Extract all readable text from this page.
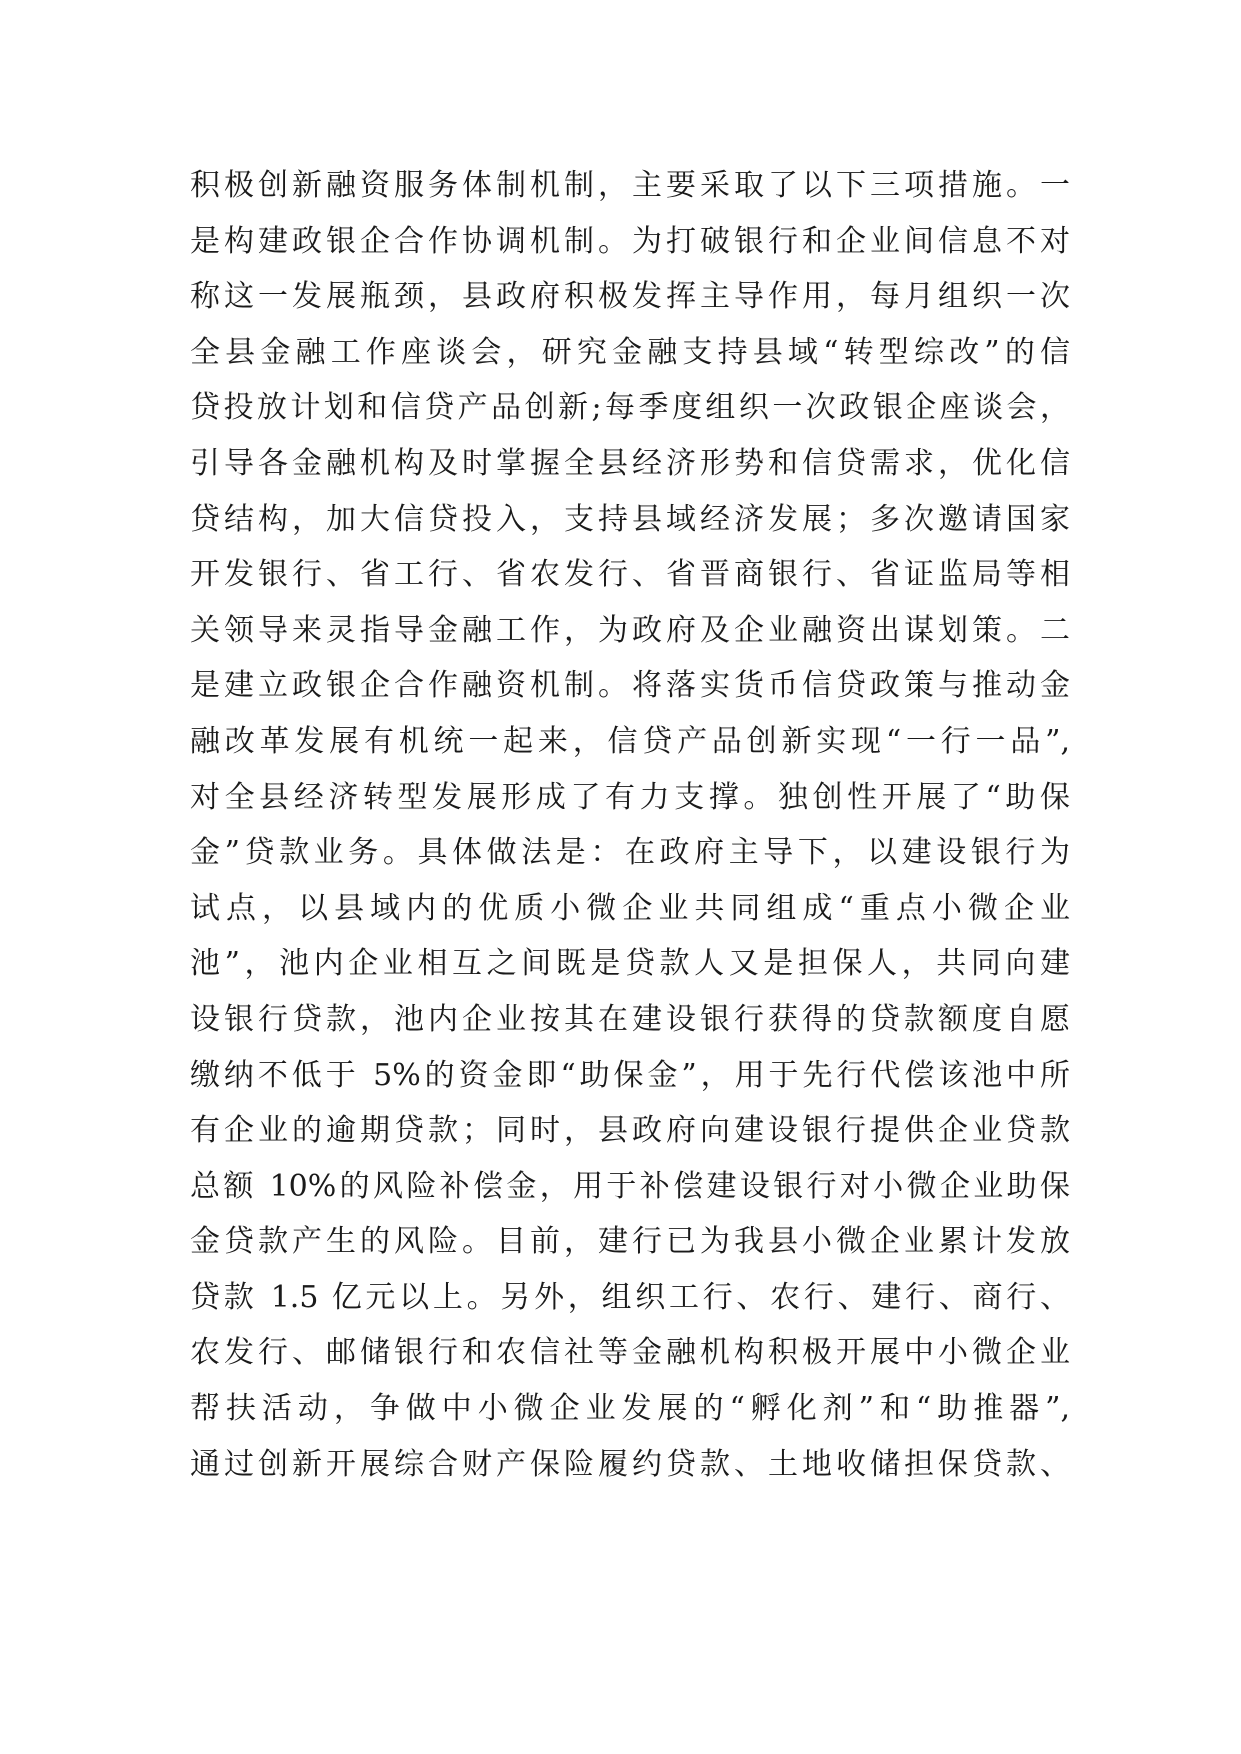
积极创新融资服务体制机制，主要采取了以下三项措施。一
是构建政银企合作协调机制。为打破银行和企业间信息不对
称这一发展瓶颈，县政府积极发挥主导作用，每月组织一次
全县金融工作座谈会，研究金融支持县域“转型综改”的信
贷投放计划和信贷产品创新;每季度组织一次政银企座谈会，
引导各金融机构及时掌握全县经济形势和信贷需求，优化信
贷结构，加大信贷投入，支持县域经济发展；多次邀请国家
开发银行、省工行、省农发行、省晋商银行、省证监局等相
关领导来灵指导金融工作，为政府及企业融资出谋划策。二
是建立政银企合作融资机制。将落实货币信贷政策与推动金
融改革发展有机统一起来，信贷产品创新实现“一行一品”,
对全县经济转型发展形成了有力支撑。独创性开展了“助保
金”贷款业务。具体做法是：在政府主导下，以建设银行为
试点，以县域内的优质小微企业共同组成“重点小微企业
池”，池内企业相互之间既是贷款人又是担保人，共同向建
设银行贷款，池内企业按其在建设银行获得的贷款额度自愿
缴纳不低于 5%的资金即“助保金”，用于先行代偿该池中所
有企业的逾期贷款；同时，县政府向建设银行提供企业贷款
总额 10%的风险补偿金，用于补偿建设银行对小微企业助保
金贷款产生的风险。目前，建行已为我县小微企业累计发放
贷款 1.5 亿元以上。另外，组织工行、农行、建行、商行、
农发行、邮储银行和农信社等金融机构积极开展中小微企业
帮扶活动，争做中小微企业发展的“孵化剂”和“助推器”,
通过创新开展综合财产保险履约贷款、土地收储担保贷款、
